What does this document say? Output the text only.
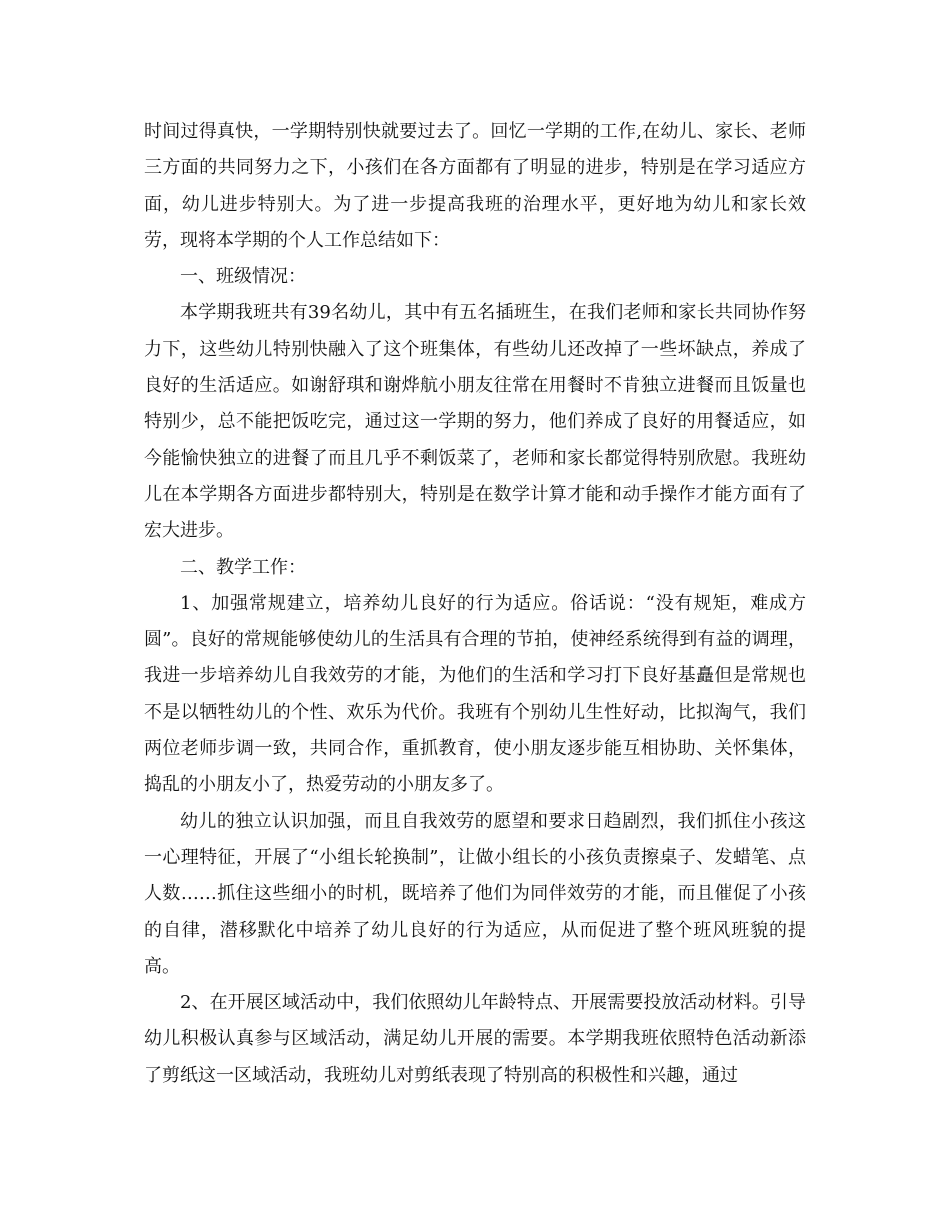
时间过得真快，一学期特别快就要过去了。回忆一学期的工作,在幼儿、家长、老师三方面的共同努力之下，小孩们在各方面都有了明显的进步，特别是在学习适应方面，幼儿进步特别大。为了进一步提高我班的治理水平，更好地为幼儿和家长效劳，现将本学期的个人工作总结如下：

一、班级情况：

本学期我班共有39名幼儿，其中有五名插班生，在我们老师和家长共同协作努力下，这些幼儿特别快融入了这个班集体，有些幼儿还改掉了一些坏缺点，养成了良好的生活适应。如谢舒琪和谢烨航小朋友往常在用餐时不肯独立进餐而且饭量也特别少，总不能把饭吃完，通过这一学期的努力，他们养成了良好的用餐适应，如今能愉快独立的进餐了而且几乎不剩饭菜了，老师和家长都觉得特别欣慰。我班幼儿在本学期各方面进步都特别大，特别是在数学计算才能和动手操作才能方面有了宏大进步。

二、教学工作：

1、加强常规建立，培养幼儿良好的行为适应。俗话说：“没有规矩，难成方圆”。良好的常规能够使幼儿的生活具有合理的节拍，使神经系统得到有益的调理，我进一步培养幼儿自我效劳的才能，为他们的生活和学习打下良好基矗但是常规也不是以牺牲幼儿的个性、欢乐为代价。我班有个别幼儿生性好动，比拟淘气，我们两位老师步调一致，共同合作，重抓教育，使小朋友逐步能互相协助、关怀集体，捣乱的小朋友小了，热爱劳动的小朋友多了。

幼儿的独立认识加强，而且自我效劳的愿望和要求日趋剧烈，我们抓住小孩这一心理特征，开展了“小组长轮换制”，让做小组长的小孩负责擦桌子、发蜡笔、点人数……抓住这些细小的时机，既培养了他们为同伴效劳的才能，而且催促了小孩的自律，潜移默化中培养了幼儿良好的行为适应，从而促进了整个班风班貌的提高。

2、在开展区域活动中，我们依照幼儿年龄特点、开展需要投放活动材料。引导幼儿积极认真参与区域活动，满足幼儿开展的需要。本学期我班依照特色活动新添了剪纸这一区域活动，我班幼儿对剪纸表现了特别高的积极性和兴趣，通过
